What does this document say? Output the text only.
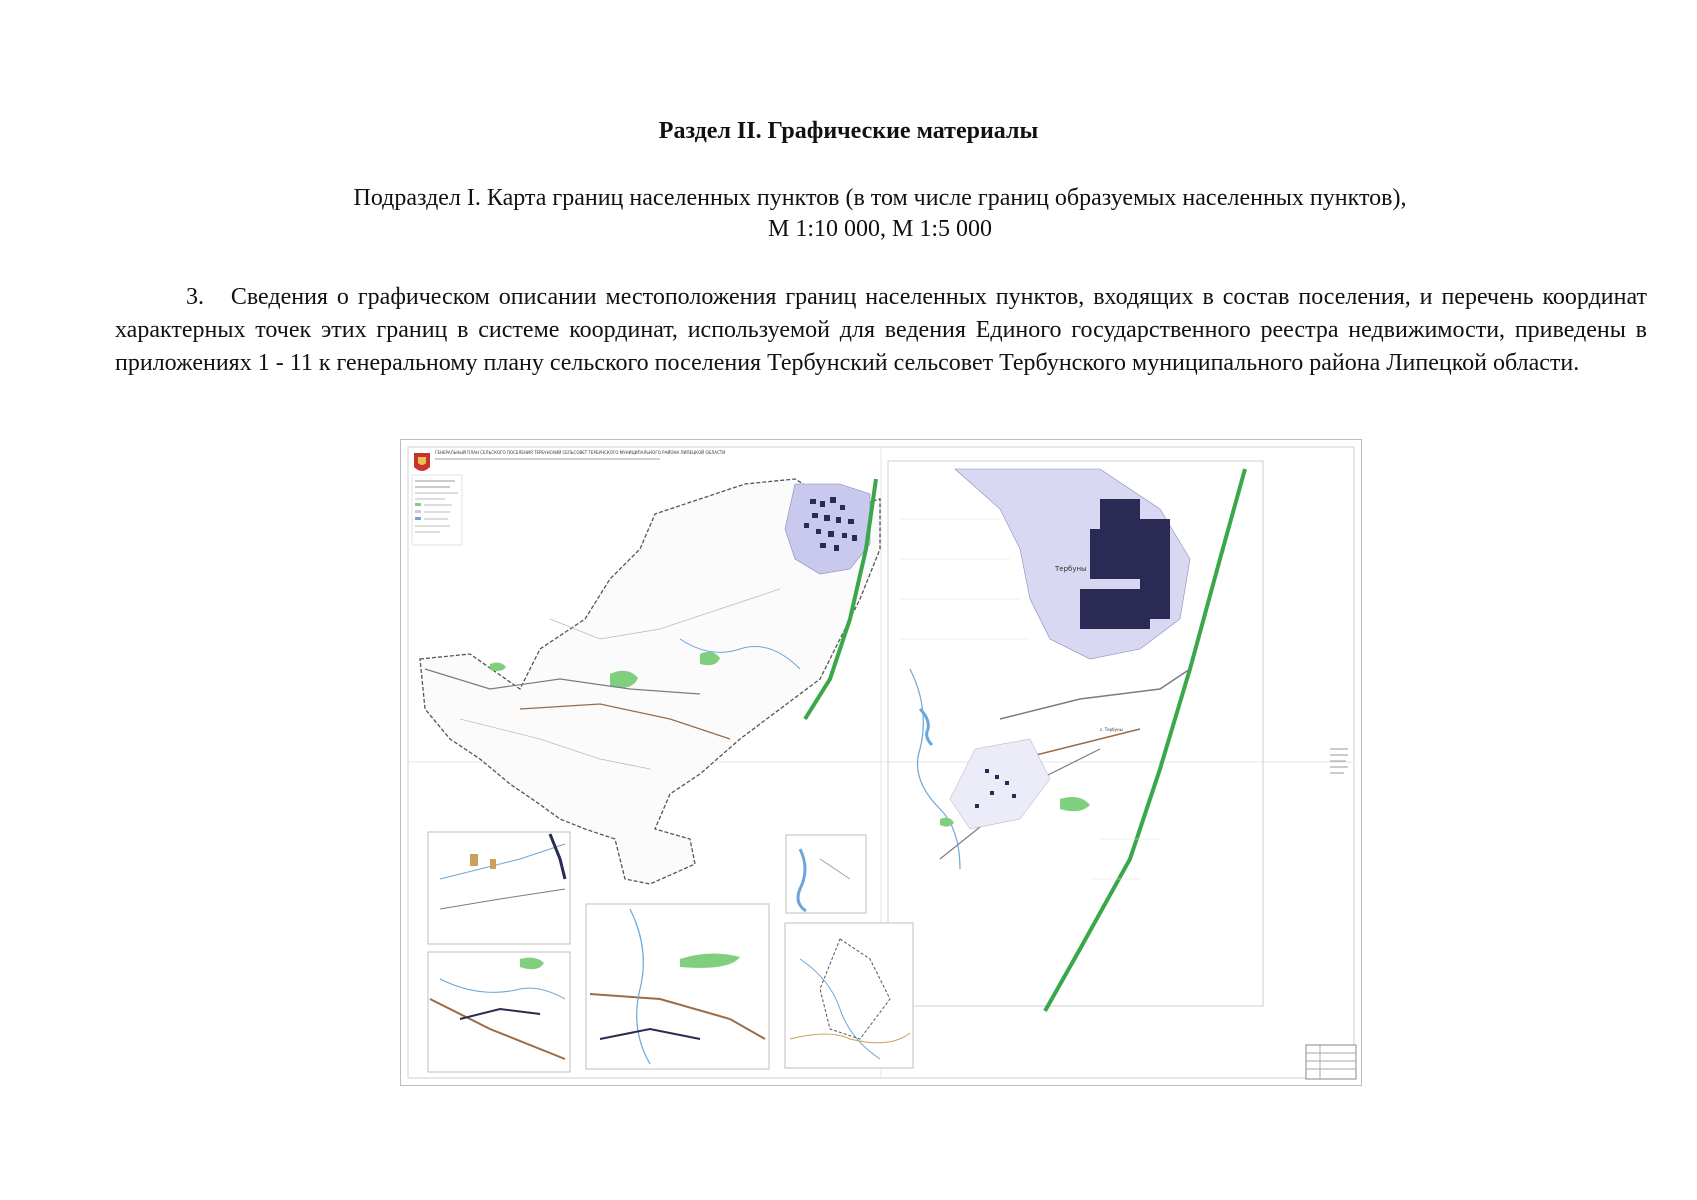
Раздел II. Графические материалы
Подраздел I. Карта границ населенных пунктов (в том числе границ образуемых населенных пунктов),
М 1:10 000, М 1:5 000

3. Сведения о графическом описании местоположения границ населенных пунктов, входящих в состав поселения, и перечень координат характерных точек этих границ в системе координат, используемой для ведения Единого государственного реестра недвижимости, приведены в приложениях 1 - 11 к генеральному плану сельского поселения Тербунский сельсовет Тербунского муниципального района Липецкой области.

ГЕНЕРАЛЬНЫЙ ПЛАН СЕЛЬСКОГО ПОСЕЛЕНИЯ ТЕРБУНСКИЙ СЕЛЬСОВЕТ ТЕРБУНСКОГО МУНИЦИПАЛЬНОГО РАЙОНА ЛИПЕЦКОЙ ОБЛАСТИ
Тербуны
с. Тербуны
